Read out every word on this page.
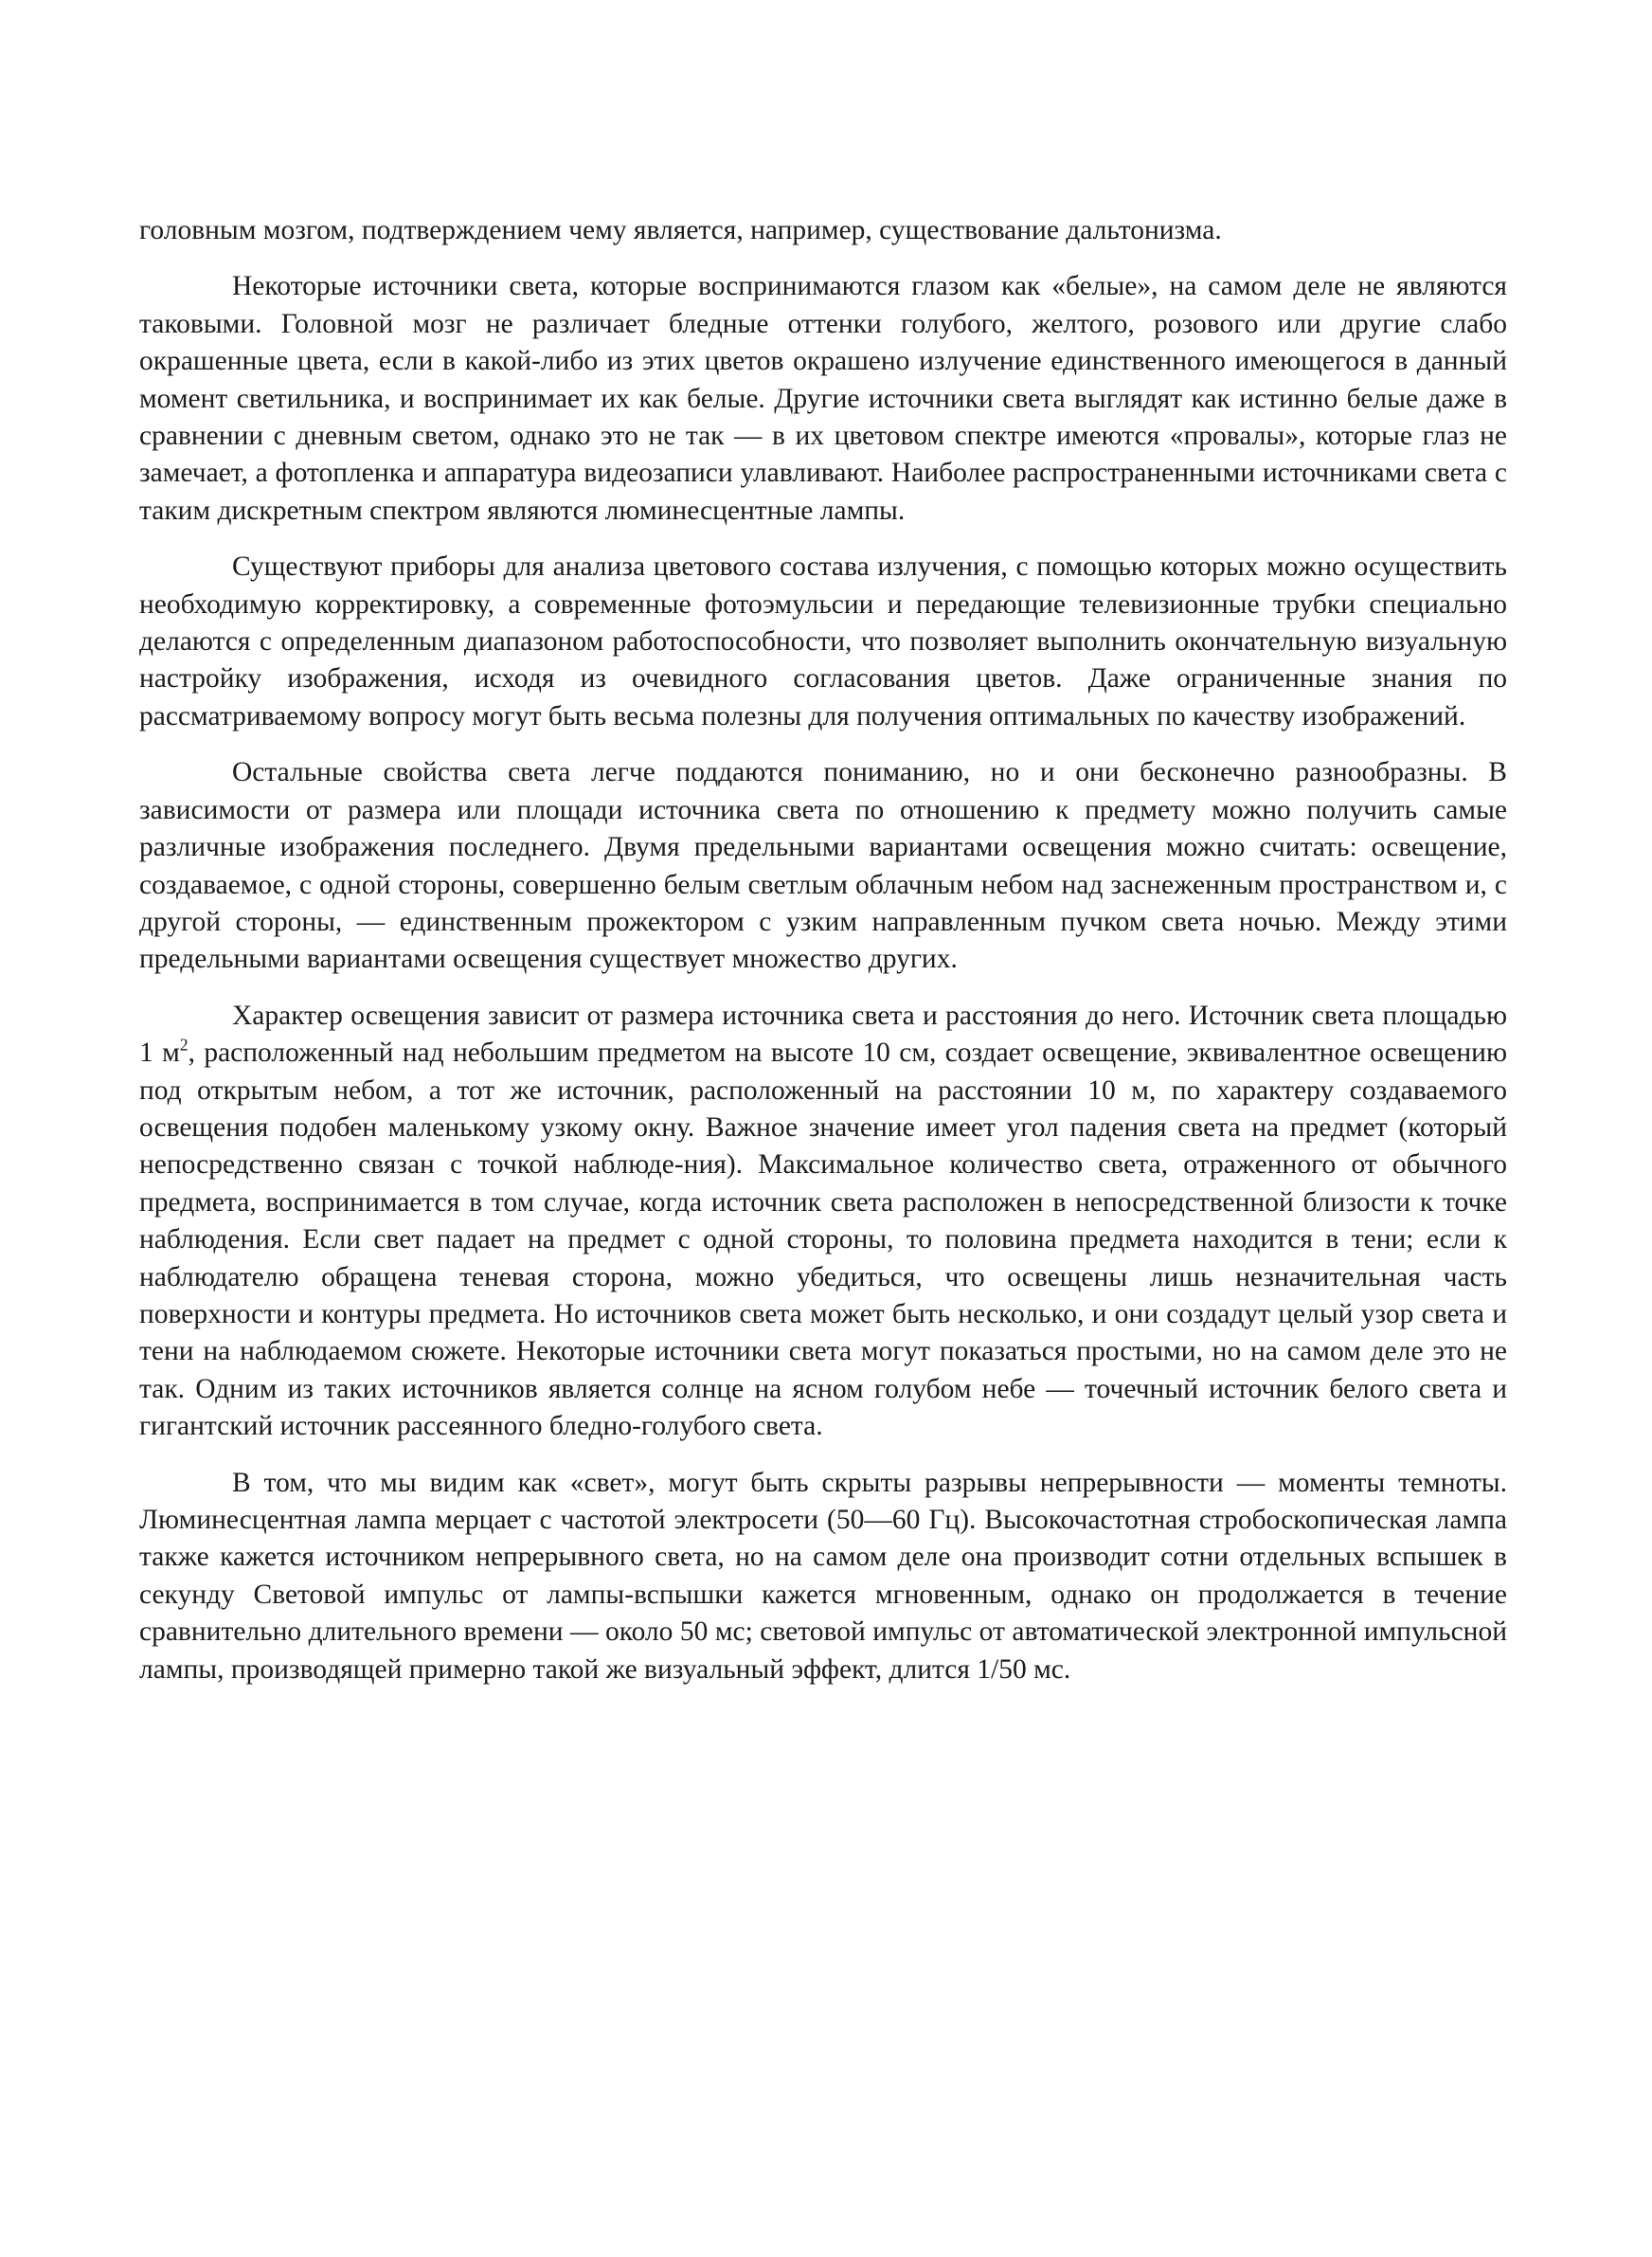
головным мозгом, подтверждением чему является, например, существование дальтонизма.

Некоторые источники света, которые воспринимаются глазом как «белые», на самом деле не являются таковыми. Головной мозг не различает бледные оттенки голубого, желтого, розового или другие слабо окрашенные цвета, если в какой-либо из этих цветов окрашено излучение единственного имеющегося в данный момент светильника, и воспринимает их как белые. Другие источники света выглядят как истинно белые даже в сравнении с дневным светом, однако это не так — в их цветовом спектре имеются «провалы», которые глаз не замечает, а фотопленка и аппаратура видеозаписи улавливают. Наиболее распространенными источниками света с таким дискретным спектром являются люминесцентные лампы.

Существуют приборы для анализа цветового состава излучения, с помощью которых можно осуществить необходимую корректировку, а современные фотоэмульсии и передающие телевизионные трубки специально делаются с определенным диапазоном работоспособности, что позволяет выполнить окончательную визуальную настройку изображения, исходя из очевидного согласования цветов. Даже ограниченные знания по рассматриваемому вопросу могут быть весьма полезны для получения оптимальных по качеству изображений.

Остальные свойства света легче поддаются пониманию, но и они бесконечно разнообразны. В зависимости от размера или площади источника света по отношению к предмету можно получить самые различные изображения последнего. Двумя предельными вариантами освещения можно считать: освещение, создаваемое, с одной стороны, совершенно белым светлым облачным небом над заснеженным пространством и, с другой стороны, — единственным прожектором с узким направленным пучком света ночью. Между этими предельными вариантами освещения существует множество других.

Характер освещения зависит от размера источника света и расстояния до него. Источник света площадью 1 $м^2$, расположенный над небольшим предметом на высоте 10 см, создает освещение, эквивалентное освещению под открытым небом, а тот же источник, расположенный на расстоянии 10 м, по характеру создаваемого освещения подобен маленькому узкому окну. Важное значение имеет угол падения света на предмет (который непосредственно связан с точкой наблюде-ния). Максимальное количество света, отраженного от обычного предмета, воспринимается в том случае, когда источник света расположен в непосредственной близости к точке наблюдения. Если свет падает на предмет с одной стороны, то половина предмета находится в тени; если к наблюдателю обращена теневая сторона, можно убедиться, что освещены лишь незначительная часть поверхности и контуры предмета. Но источников света может быть несколько, и они создадут целый узор света и тени на наблюдаемом сюжете. Некоторые источники света могут показаться простыми, но на самом деле это не так. Одним из таких источников является солнце на ясном голубом небе — точечный источник белого света и гигантский источник рассеянного бледно-голубого света.

В том, что мы видим как «свет», могут быть скрыты разрывы непрерывности — моменты темноты. Люминесцентная лампа мерцает с частотой электросети (50—60 Гц). Высокочастотная стробоскопическая лампа также кажется источником непрерывного света, но на самом деле она производит сотни отдельных вспышек в секунду Световой импульс от лампы-вспышки кажется мгновенным, однако он продолжается в течение сравнительно длительного времени — около 50 мс; световой импульс от автоматической электронной импульсной лампы, производящей примерно такой же визуальный эффект, длится 1/50 мс.
